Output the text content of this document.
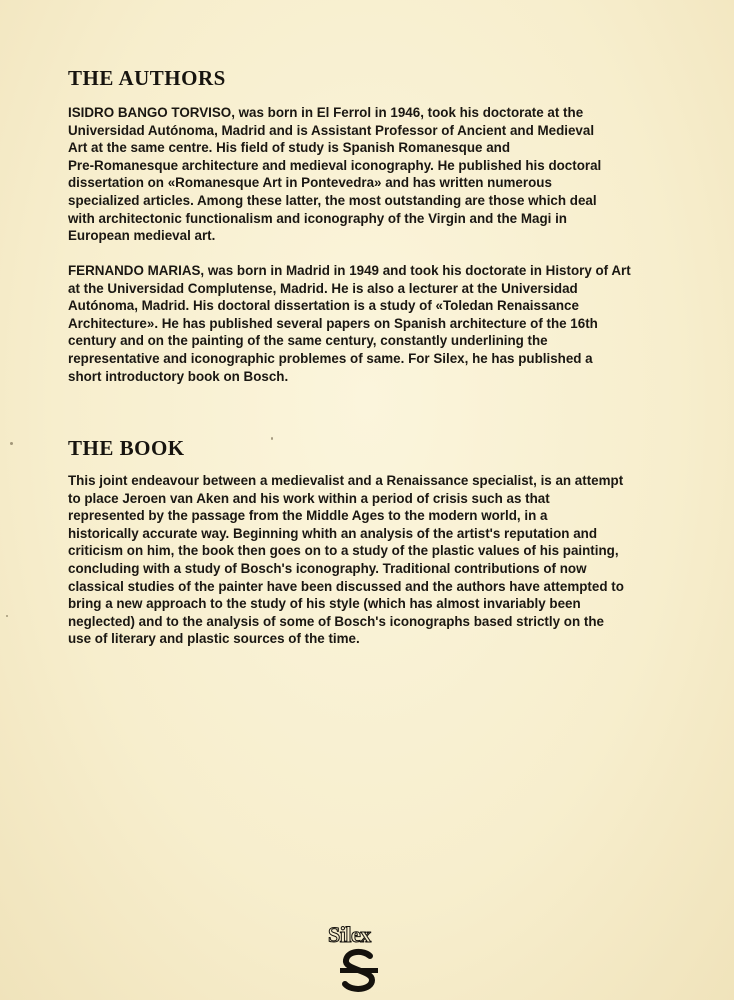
THE AUTHORS

ISIDRO BANGO TORVISO, was born in El Ferrol in 1946, took his doctorate at the
Universidad Autónoma, Madrid and is Assistant Professor of Ancient and Medieval
Art at the same centre. His field of study is Spanish Romanesque and
Pre-Romanesque architecture and medieval iconography. He published his doctoral
dissertation on «Romanesque Art in Pontevedra» and has written numerous
specialized articles. Among these latter, the most outstanding are those which deal
with architectonic functionalism and iconography of the Virgin and the Magi in
European medieval art.

FERNANDO MARIAS, was born in Madrid in 1949 and took his doctorate in History of Art
at the Universidad Complutense, Madrid. He is also a lecturer at the Universidad
Autónoma, Madrid. His doctoral dissertation is a study of «Toledan Renaissance
Architecture». He has published several papers on Spanish architecture of the 16th
century and on the painting of the same century, constantly underlining the
representative and iconographic problemes of same. For Silex, he has published a
short introductory book on Bosch.

THE BOOK

This joint endeavour between a medievalist and a Renaissance specialist, is an attempt
to place Jeroen van Aken and his work within a period of crisis such as that
represented by the passage from the Middle Ages to the modern world, in a
historically accurate way. Beginning whith an analysis of the artist's reputation and
criticism on him, the book then goes on to a study of the plastic values of his painting,
concluding with a study of Bosch's iconography. Traditional contributions of now
classical studies of the painter have been discussed and the authors have attempted to
bring a new approach to the study of his style (which has almost invariably been
neglected) and to the analysis of some of Bosch's iconographs based strictly on the
use of literary and plastic sources of the time.

Silex
